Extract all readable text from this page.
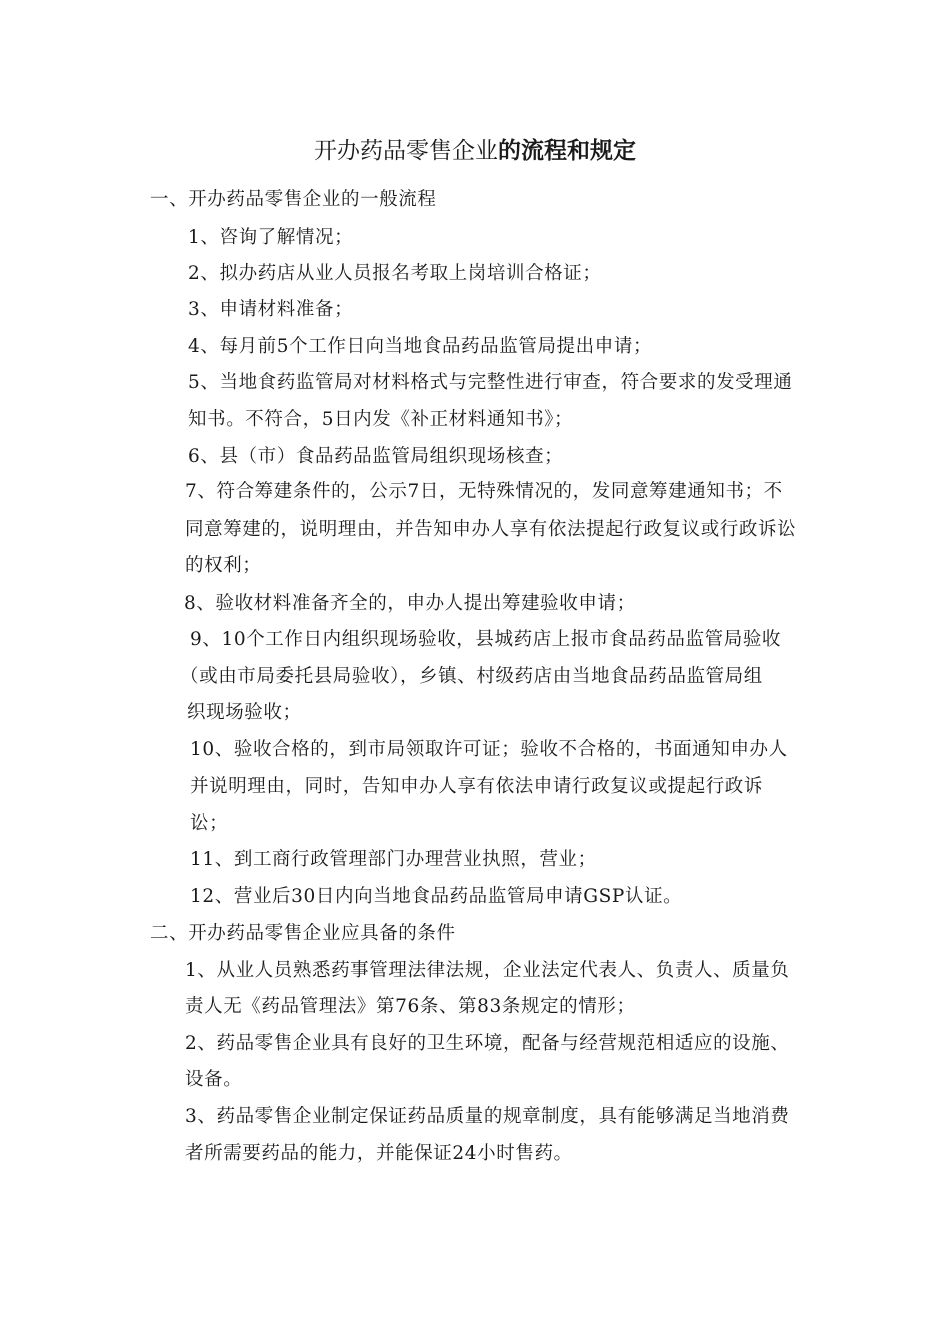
开办药品零售企业的流程和规定
一、开办药品零售企业的一般流程
1、咨询了解情况；
2、拟办药店从业人员报名考取上岗培训合格证；
3、申请材料准备；
4、每月前5个工作日向当地食品药品监管局提出申请；
5、当地食药监管局对材料格式与完整性进行审查，符合要求的发受理通
知书。不符合，5日内发《补正材料通知书》；
6、县（市）食品药品监管局组织现场核查；
7、符合筹建条件的，公示7日，无特殊情况的，发同意筹建通知书；不
同意筹建的，说明理由，并告知申办人享有依法提起行政复议或行政诉讼
的权利；
8、验收材料准备齐全的，申办人提出筹建验收申请；
9、10个工作日内组织现场验收，县城药店上报市食品药品监管局验收
（或由市局委托县局验收），乡镇、村级药店由当地食品药品监管局组
织现场验收；
10、验收合格的，到市局领取许可证；验收不合格的，书面通知申办人
并说明理由，同时，告知申办人享有依法申请行政复议或提起行政诉
讼；
11、到工商行政管理部门办理营业执照，营业；
12、营业后30日内向当地食品药品监管局申请GSP认证。
二、开办药品零售企业应具备的条件
1、从业人员熟悉药事管理法律法规，企业法定代表人、负责人、质量负
责人无《药品管理法》第76条、第83条规定的情形；
2、药品零售企业具有良好的卫生环境，配备与经营规范相适应的设施、
设备。
3、药品零售企业制定保证药品质量的规章制度，具有能够满足当地消费
者所需要药品的能力，并能保证24小时售药。
